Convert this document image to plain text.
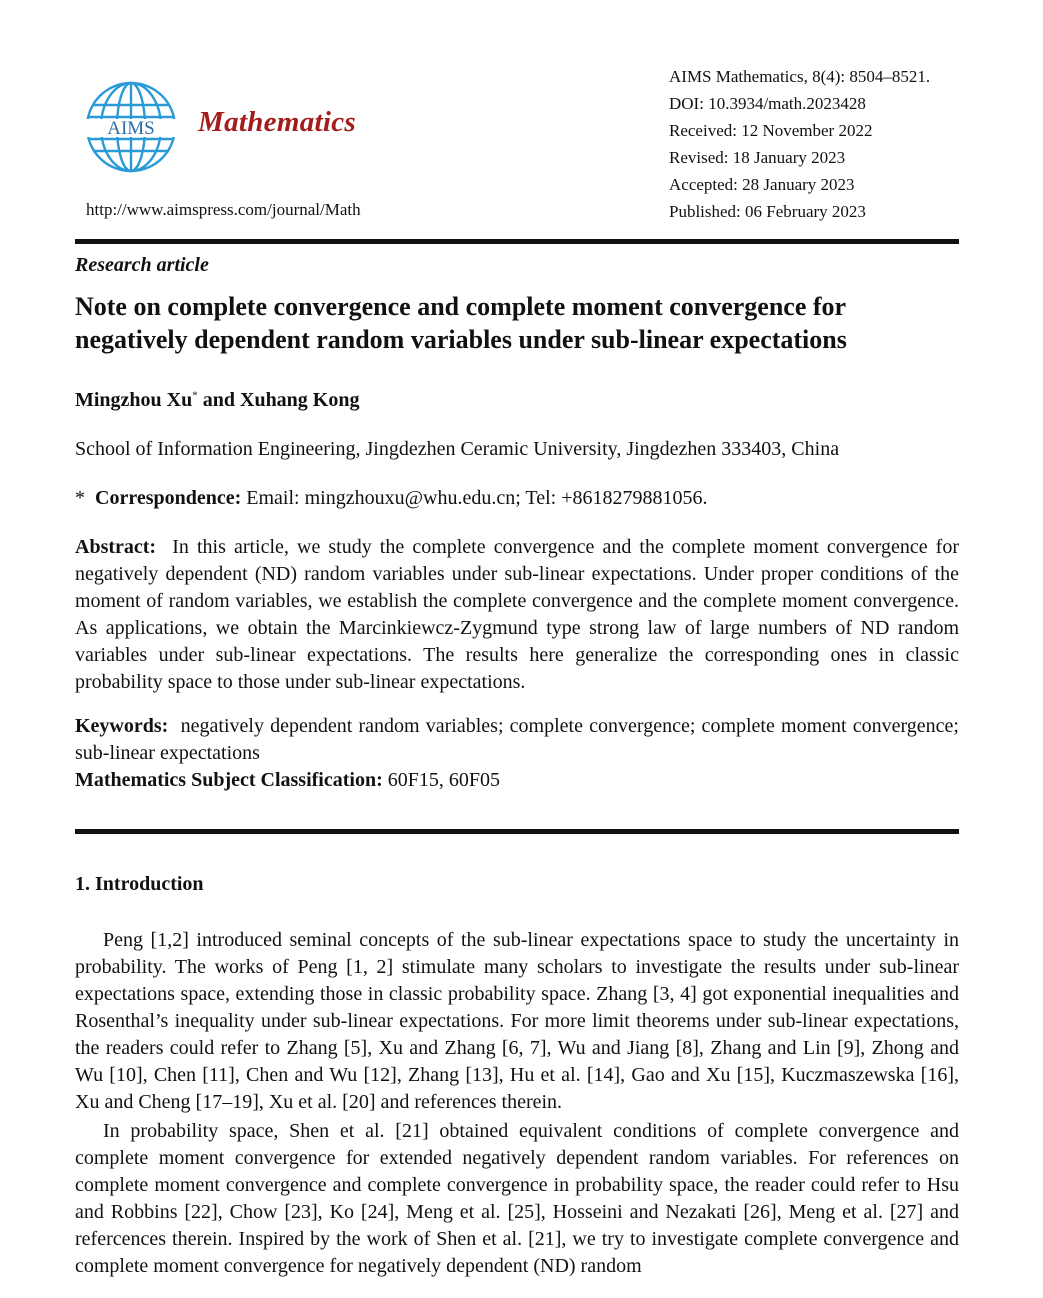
AIMS Mathematics
http://www.aimspress.com/journal/Math
AIMS Mathematics, 8(4): 8504–8521.
DOI: 10.3934/math.2023428
Received: 12 November 2022
Revised: 18 January 2023
Accepted: 28 January 2023
Published: 06 February 2023
Research article
Note on complete convergence and complete moment convergence for negatively dependent random variables under sub-linear expectations
Mingzhou Xu* and Xuhang Kong
School of Information Engineering, Jingdezhen Ceramic University, Jingdezhen 333403, China
* Correspondence: Email: mingzhouxu@whu.edu.cn; Tel: +8618279881056.
Abstract: In this article, we study the complete convergence and the complete moment convergence for negatively dependent (ND) random variables under sub-linear expectations. Under proper conditions of the moment of random variables, we establish the complete convergence and the complete moment convergence. As applications, we obtain the Marcinkiewcz-Zygmund type strong law of large numbers of ND random variables under sub-linear expectations. The results here generalize the corresponding ones in classic probability space to those under sub-linear expectations.
Keywords: negatively dependent random variables; complete convergence; complete moment convergence; sub-linear expectations
Mathematics Subject Classification: 60F15, 60F05
1. Introduction
Peng [1,2] introduced seminal concepts of the sub-linear expectations space to study the uncertainty in probability. The works of Peng [1, 2] stimulate many scholars to investigate the results under sub-linear expectations space, extending those in classic probability space. Zhang [3, 4] got exponential inequalities and Rosenthal’s inequality under sub-linear expectations. For more limit theorems under sub-linear expectations, the readers could refer to Zhang [5], Xu and Zhang [6, 7], Wu and Jiang [8], Zhang and Lin [9], Zhong and Wu [10], Chen [11], Chen and Wu [12], Zhang [13], Hu et al. [14], Gao and Xu [15], Kuczmaszewska [16], Xu and Cheng [17–19], Xu et al. [20] and references therein.
In probability space, Shen et al. [21] obtained equivalent conditions of complete convergence and complete moment convergence for extended negatively dependent random variables. For references on complete moment convergence and complete convergence in probability space, the reader could refer to Hsu and Robbins [22], Chow [23], Ko [24], Meng et al. [25], Hosseini and Nezakati [26], Meng et al. [27] and refercences therein. Inspired by the work of Shen et al. [21], we try to investigate complete convergence and complete moment convergence for negatively dependent (ND) random
